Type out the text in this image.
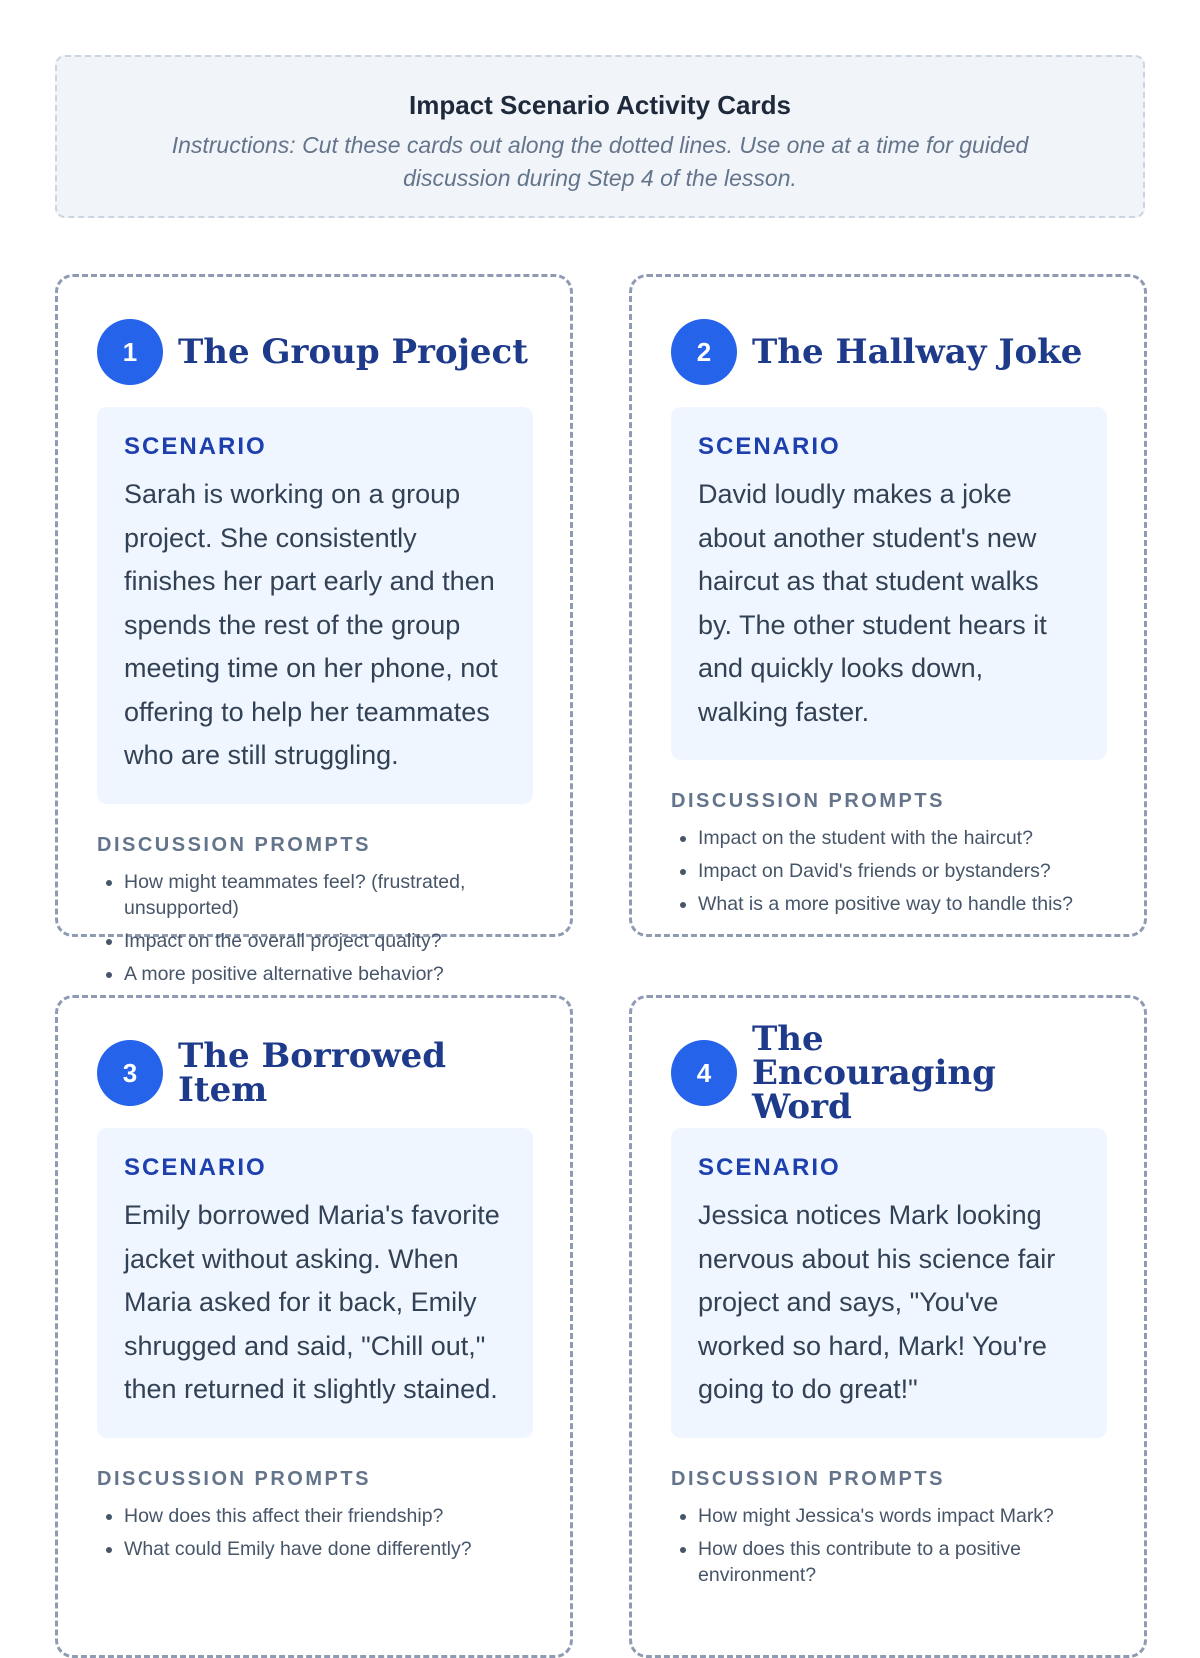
Impact Scenario Activity Cards
Instructions: Cut these cards out along the dotted lines. Use one at a time for guided discussion during Step 4 of the lesson.
1	The Group Project
SCENARIO
Sarah is working on a group project. She consistently finishes her part early and then spends the rest of the group meeting time on her phone, not offering to help her teammates who are still struggling.
DISCUSSION PROMPTS
• How might teammates feel? (frustrated, unsupported)
• Impact on the overall project quality?
• A more positive alternative behavior?
2	The Hallway Joke
SCENARIO
David loudly makes a joke about another student's new haircut as that student walks by. The other student hears it and quickly looks down, walking faster.
DISCUSSION PROMPTS
• Impact on the student with the haircut?
• Impact on David's friends or bystanders?
• What is a more positive way to handle this?
3	The Borrowed Item
SCENARIO
Emily borrowed Maria's favorite jacket without asking. When Maria asked for it back, Emily shrugged and said, "Chill out," then returned it slightly stained.
DISCUSSION PROMPTS
• How does this affect their friendship?
• What could Emily have done differently?
4
The Encouraging Word
SCENARIO
Jessica notices Mark looking nervous about his science fair project and says, "You've worked so hard, Mark! You're going to do great!"
DISCUSSION PROMPTS
• How might Jessica's words impact Mark?
• How does this contribute to a positive environment?
